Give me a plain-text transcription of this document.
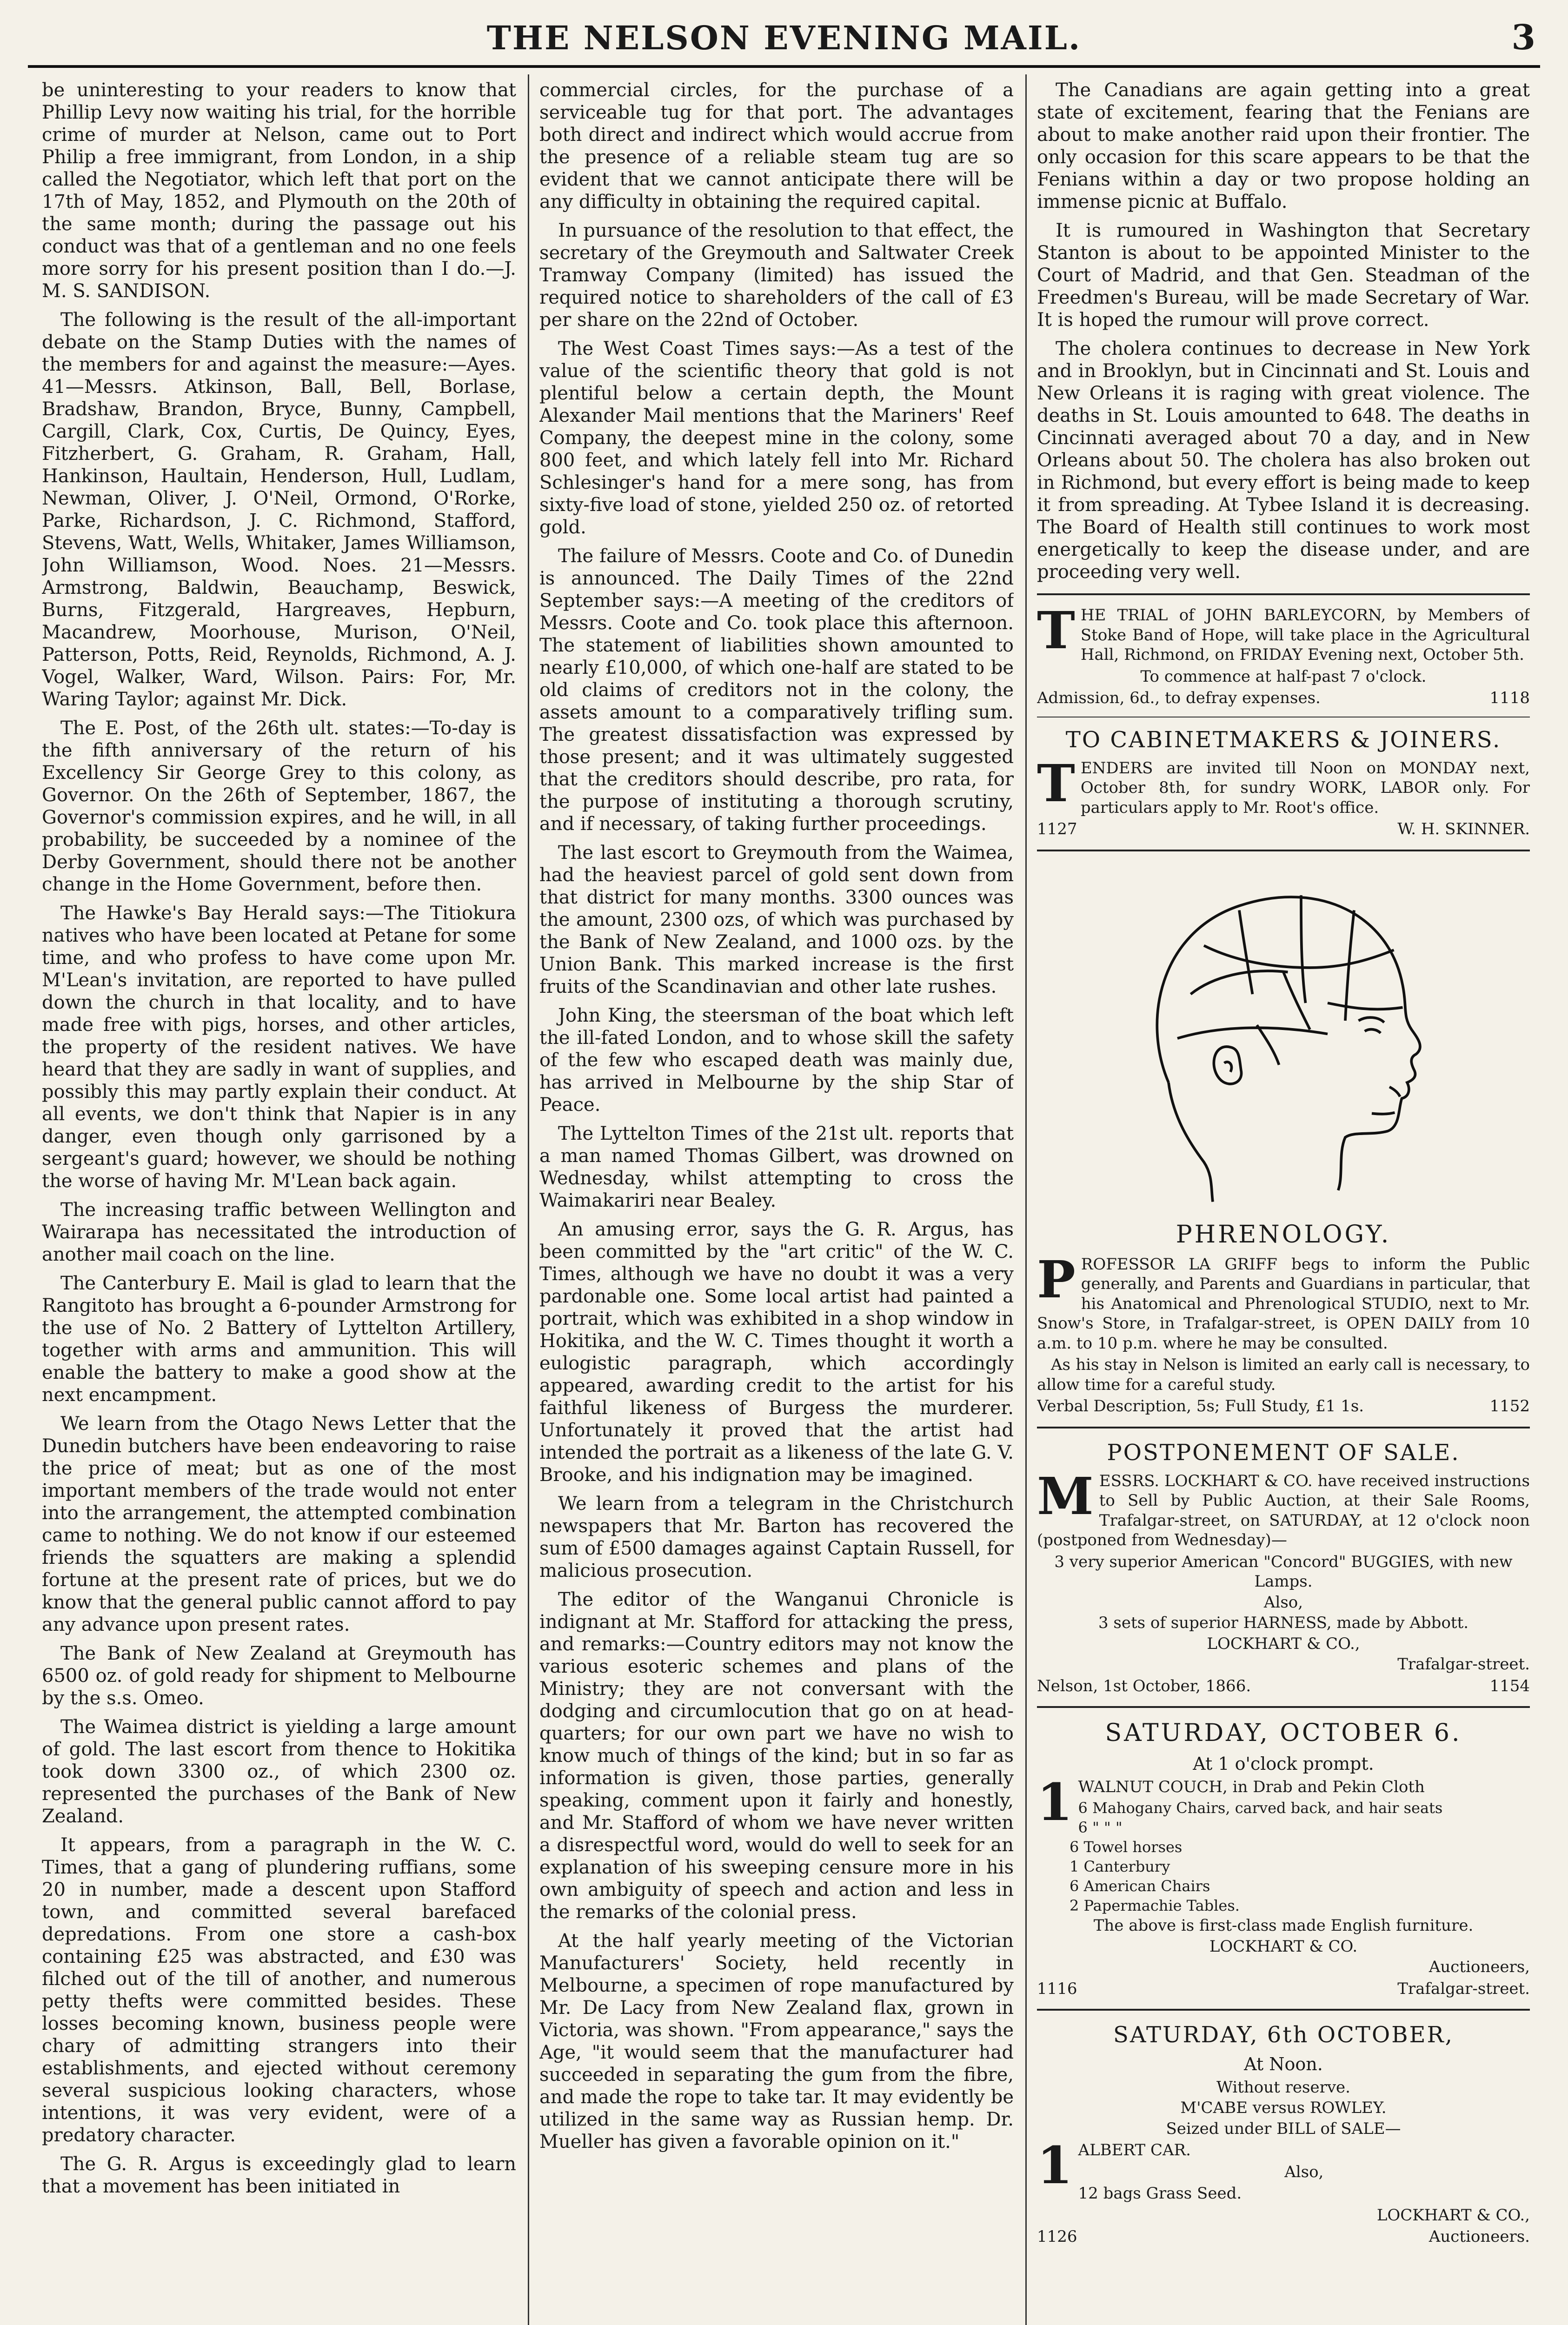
THE NELSON EVENING MAIL.	3

be uninteresting to your readers to know that Phillip Levy now waiting his trial, for the horrible crime of murder at Nelson, came out to Port Philip a free immigrant, from London, in a ship called the Negotiator, which left that port on the 17th of May, 1852, and Plymouth on the 20th of the same month; during the passage out his conduct was that of a gentleman and no one feels more sorry for his present position than I do.—J. M. S. SANDISON.

The following is the result of the all-important debate on the Stamp Duties with the names of the members for and against the measure:—Ayes. 41—Messrs. Atkinson, Ball, Bell, Borlase, Bradshaw, Brandon, Bryce, Bunny, Campbell, Cargill, Clark, Cox, Curtis, De Quincy, Eyes, Fitzherbert, G. Graham, R. Graham, Hall, Hankinson, Haultain, Henderson, Hull, Ludlam, Newman, Oliver, J. O'Neil, Ormond, O'Rorke, Parke, Richardson, J. C. Richmond, Stafford, Stevens, Watt, Wells, Whitaker, James Williamson, John Williamson, Wood. Noes. 21—Messrs. Armstrong, Baldwin, Beauchamp, Beswick, Burns, Fitzgerald, Hargreaves, Hepburn, Macandrew, Moorhouse, Murison, O'Neil, Patterson, Potts, Reid, Reynolds, Richmond, A. J. Vogel, Walker, Ward, Wilson. Pairs: For, Mr. Waring Taylor; against Mr. Dick.

The E. Post, of the 26th ult. states:—To-day is the fifth anniversary of the return of his Excellency Sir George Grey to this colony, as Governor. On the 26th of September, 1867, the Governor's commission expires, and he will, in all probability, be succeeded by a nominee of the Derby Government, should there not be another change in the Home Government, before then.

The Hawke's Bay Herald says:—The Titiokura natives who have been located at Petane for some time, and who profess to have come upon Mr. M'Lean's invitation, are reported to have pulled down the church in that locality, and to have made free with pigs, horses, and other articles, the property of the resident natives. We have heard that they are sadly in want of supplies, and possibly this may partly explain their conduct. At all events, we don't think that Napier is in any danger, even though only garrisoned by a sergeant's guard; however, we should be nothing the worse of having Mr. M'Lean back again.

The increasing traffic between Wellington and Wairarapa has necessitated the introduction of another mail coach on the line.

The Canterbury E. Mail is glad to learn that the Rangitoto has brought a 6-pounder Armstrong for the use of No. 2 Battery of Lyttelton Artillery, together with arms and ammunition. This will enable the battery to make a good show at the next encampment.

We learn from the Otago News Letter that the Dunedin butchers have been endeavoring to raise the price of meat; but as one of the most important members of the trade would not enter into the arrangement, the attempted combination came to nothing. We do not know if our esteemed friends the squatters are making a splendid fortune at the present rate of prices, but we do know that the general public cannot afford to pay any advance upon present rates.

The Bank of New Zealand at Greymouth has 6500 oz. of gold ready for shipment to Melbourne by the s.s. Omeo.

The Waimea district is yielding a large amount of gold. The last escort from thence to Hokitika took down 3300 oz., of which 2300 oz. represented the purchases of the Bank of New Zealand.

It appears, from a paragraph in the W. C. Times, that a gang of plundering ruffians, some 20 in number, made a descent upon Stafford town, and committed several barefaced depredations. From one store a cash-box containing £25 was abstracted, and £30 was filched out of the till of another, and numerous petty thefts were committed besides. These losses becoming known, business people were chary of admitting strangers into their establishments, and ejected without ceremony several suspicious looking characters, whose intentions, it was very evident, were of a predatory character.

The G. R. Argus is exceedingly glad to learn that a movement has been initiated in

commercial circles, for the purchase of a serviceable tug for that port. The advantages both direct and indirect which would accrue from the presence of a reliable steam tug are so evident that we cannot anticipate there will be any difficulty in obtaining the required capital.

In pursuance of the resolution to that effect, the secretary of the Greymouth and Saltwater Creek Tramway Company (limited) has issued the required notice to shareholders of the call of £3 per share on the 22nd of October.

The West Coast Times says:—As a test of the value of the scientific theory that gold is not plentiful below a certain depth, the Mount Alexander Mail mentions that the Mariners' Reef Company, the deepest mine in the colony, some 800 feet, and which lately fell into Mr. Richard Schlesinger's hand for a mere song, has from sixty-five load of stone, yielded 250 oz. of retorted gold.

The failure of Messrs. Coote and Co. of Dunedin is announced. The Daily Times of the 22nd September says:—A meeting of the creditors of Messrs. Coote and Co. took place this afternoon. The statement of liabilities shown amounted to nearly £10,000, of which one-half are stated to be old claims of creditors not in the colony, the assets amount to a comparatively trifling sum. The greatest dissatisfaction was expressed by those present; and it was ultimately suggested that the creditors should describe, pro rata, for the purpose of instituting a thorough scrutiny, and if necessary, of taking further proceedings.

The last escort to Greymouth from the Waimea, had the heaviest parcel of gold sent down from that district for many months. 3300 ounces was the amount, 2300 ozs, of which was purchased by the Bank of New Zealand, and 1000 ozs. by the Union Bank. This marked increase is the first fruits of the Scandinavian and other late rushes.

John King, the steersman of the boat which left the ill-fated London, and to whose skill the safety of the few who escaped death was mainly due, has arrived in Melbourne by the ship Star of Peace.

The Lyttelton Times of the 21st ult. reports that a man named Thomas Gilbert, was drowned on Wednesday, whilst attempting to cross the Waimakariri near Bealey.

An amusing error, says the G. R. Argus, has been committed by the "art critic" of the W. C. Times, although we have no doubt it was a very pardonable one. Some local artist had painted a portrait, which was exhibited in a shop window in Hokitika, and the W. C. Times thought it worth a eulogistic paragraph, which accordingly appeared, awarding credit to the artist for his faithful likeness of Burgess the murderer. Unfortunately it proved that the artist had intended the portrait as a likeness of the late G. V. Brooke, and his indignation may be imagined.

We learn from a telegram in the Christchurch newspapers that Mr. Barton has recovered the sum of £500 damages against Captain Russell, for malicious prosecution.

The editor of the Wanganui Chronicle is indignant at Mr. Stafford for attacking the press, and remarks:—Country editors may not know the various esoteric schemes and plans of the Ministry; they are not conversant with the dodging and circumlocution that go on at head-quarters; for our own part we have no wish to know much of things of the kind; but in so far as information is given, those parties, generally speaking, comment upon it fairly and honestly, and Mr. Stafford of whom we have never written a disrespectful word, would do well to seek for an explanation of his sweeping censure more in his own ambiguity of speech and action and less in the remarks of the colonial press.

At the half yearly meeting of the Victorian Manufacturers' Society, held recently in Melbourne, a specimen of rope manufactured by Mr. De Lacy from New Zealand flax, grown in Victoria, was shown. "From appearance," says the Age, "it would seem that the manufacturer had succeeded in separating the gum from the fibre, and made the rope to take tar. It may evidently be utilized in the same way as Russian hemp. Dr. Mueller has given a favorable opinion on it."

The Canadians are again getting into a great state of excitement, fearing that the Fenians are about to make another raid upon their frontier. The only occasion for this scare appears to be that the Fenians within a day or two propose holding an immense picnic at Buffalo.

It is rumoured in Washington that Secretary Stanton is about to be appointed Minister to the Court of Madrid, and that Gen. Steadman of the Freedmen's Bureau, will be made Secretary of War. It is hoped the rumour will prove correct.

The cholera continues to decrease in New York and in Brooklyn, but in Cincinnati and St. Louis and New Orleans it is raging with great violence. The deaths in St. Louis amounted to 648. The deaths in Cincinnati averaged about 70 a day, and in New Orleans about 50. The cholera has also broken out in Richmond, but every effort is being made to keep it from spreading. At Tybee Island it is decreasing. The Board of Health still continues to work most energetically to keep the disease under, and are proceeding very well.

T HE TRIAL of JOHN BARLEYCORN, by Members of Stoke Band of Hope, will take place in the Agricultural Hall, Richmond, on FRIDAY Evening next, October 5th.
To commence at half-past 7 o'clock.
Admission, 6d., to defray expenses.	1118
TO CABINETMAKERS & JOINERS.
T ENDERS are invited till Noon on MONDAY next, October 8th, for sundry WORK, LABOR only. For particulars apply to Mr. Root's office.
1127	W. H. SKINNER.
PHRENOLOGY.
P ROFESSOR LA GRIFF begs to inform the Public generally, and Parents and Guardians in particular, that his Anatomical and Phrenological STUDIO, next to Mr. Snow's Store, in Trafalgar-street, is OPEN DAILY from 10 a.m. to 10 p.m. where he may be consulted.
As his stay in Nelson is limited an early call is necessary, to allow time for a careful study.
Verbal Description, 5s; Full Study, £1 1s.	1152
POSTPONEMENT OF SALE.
M ESSRS. LOCKHART & CO. have received instructions to Sell by Public Auction, at their Sale Rooms, Trafalgar-street, on SATURDAY, at 12 o'clock noon (postponed from Wednesday)—
3 very superior American "Concord" BUGGIES, with new Lamps.
Also,
3 sets of superior HARNESS, made by Abbott.
LOCKHART & CO.,
Trafalgar-street.
Nelson, 1st October, 1866.	1154
SATURDAY, OCTOBER 6.
At 1 o'clock prompt.
1 WALNUT COUCH, in Drab and Pekin Cloth
6 Mahogany Chairs, carved back, and hair seats
6 " " "
6 Towel horses
1 Canterbury
6 American Chairs
2 Papermachie Tables.
The above is first-class made English furniture.
LOCKHART & CO.
Auctioneers,
1116	Trafalgar-street.
SATURDAY, 6th OCTOBER,
At Noon.
Without reserve.
M'CABE versus ROWLEY.
Seized under BILL of SALE—
1 ALBERT CAR.
Also,
12 bags Grass Seed.
LOCKHART & CO.,
1126	Auctioneers.
